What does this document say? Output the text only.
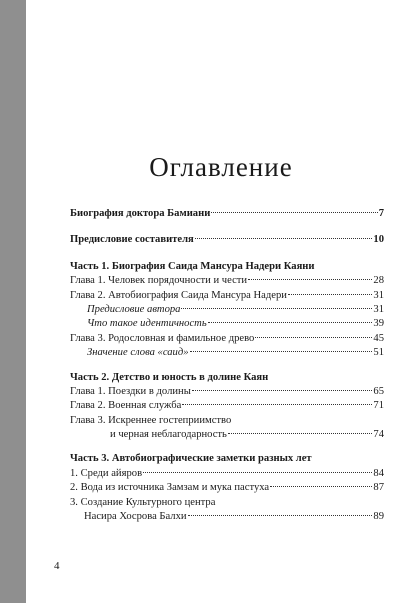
Оглавление
Биография доктора Бамиани	7
Предисловие составителя	10
Часть 1. Биография Саида Мансура Надери Каяни
Глава 1. Человек порядочности и чести	28
Глава 2. Автобиография Саида Мансура Надери	31
Предисловие автора	31
Что такое идентичность	39
Глава 3. Родословная и фамильное древо	45
Значение слова «саид»	51
Часть 2. Детство и юность в долине Каян
Глава 1. Поездки в долины	65
Глава 2. Военная служба	71
Глава 3. Искреннее гостеприимство
и черная неблагодарность	74
Часть 3. Автобиографические заметки разных лет
1. Среди айяров	84
2. Вода из источника Замзам и мука пастуха	87
3. Создание Культурного центра
Насира Хосрова Балхи	89
4
